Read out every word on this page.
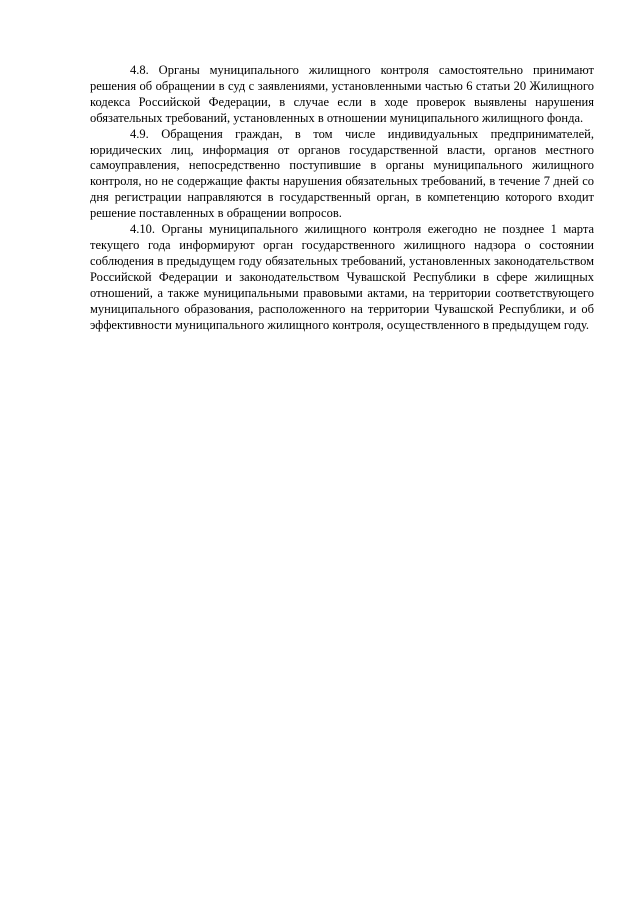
4.8. Органы муниципального жилищного контроля самостоятельно принимают решения об обращении в суд с заявлениями, установленными частью 6 статьи 20 Жилищного кодекса Российской Федерации, в случае если в ходе проверок выявлены нарушения обязательных требований, установленных в отношении муниципального жилищного фонда.

4.9. Обращения граждан, в том числе индивидуальных предпринимателей, юридических лиц, информация от органов государственной власти, органов местного самоуправления, непосредственно поступившие в органы муниципального жилищного контроля, но не содержащие факты нарушения обязательных требований, в течение 7 дней со дня регистрации направляются в государственный орган, в компетенцию которого входит решение поставленных в обращении вопросов.

4.10. Органы муниципального жилищного контроля ежегодно не позднее 1 марта текущего года информируют орган государственного жилищного надзора о состоянии соблюдения в предыдущем году обязательных требований, установленных законодательством Российской Федерации и законодательством Чувашской Республики в сфере жилищных отношений, а также муниципальными правовыми актами, на территории соответствующего муниципального образования, расположенного на территории Чувашской Республики, и об эффективности муниципального жилищного контроля, осуществленного в предыдущем году.
